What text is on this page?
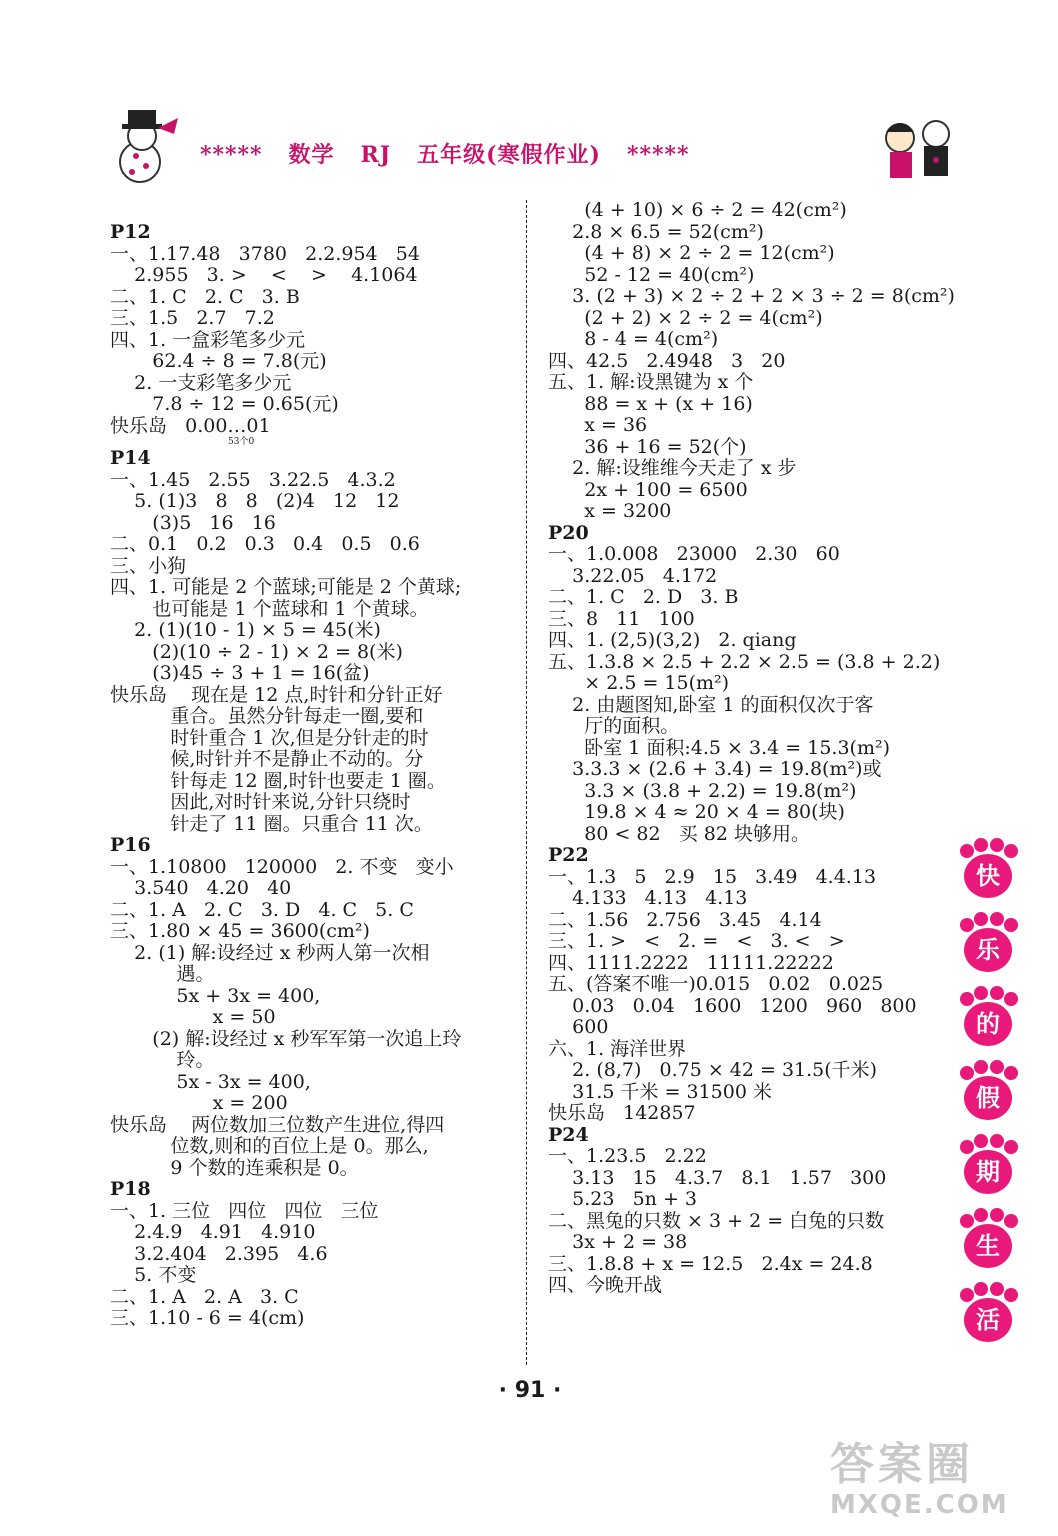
*****   数学   RJ   五年级(寒假作业)   *****
P12
一、1.17.48   3780   2.2.954   54
2.955   3. >    <    >    4.1064
二、1. C   2. C   3. B
三、1.5   2.7   7.2
四、1. 一盒彩笔多少元
62.4 ÷ 8 = 7.8(元)
2. 一支彩笔多少元
7.8 ÷ 12 = 0.65(元)
快乐岛   0.00…01
53个0
P14
一、1.45   2.55   3.22.5   4.3.2
5. (1)3   8   8   (2)4   12   12
(3)5   16   16
二、0.1   0.2   0.3   0.4   0.5   0.6
三、小狗
四、1. 可能是 2 个蓝球;可能是 2 个黄球;
也可能是 1 个蓝球和 1 个黄球。
2. (1)(10 - 1) × 5 = 45(米)
(2)(10 ÷ 2 - 1) × 2 = 8(米)
(3)45 ÷ 3 + 1 = 16(盆)
快乐岛    现在是 12 点,时针和分针正好
重合。虽然分针每走一圈,要和
时针重合 1 次,但是分针走的时
候,时针并不是静止不动的。分
针每走 12 圈,时针也要走 1 圈。
因此,对时针来说,分针只绕时
针走了 11 圈。只重合 11 次。
P16
一、1.10800   120000   2. 不变   变小
3.540   4.20   40
二、1. A   2. C   3. D   4. C   5. C
三、1.80 × 45 = 3600(cm²)
2. (1) 解:设经过 x 秒两人第一次相
遇。
5x + 3x = 400,
x = 50
(2) 解:设经过 x 秒军军第一次追上玲
玲。
5x - 3x = 400,
x = 200
快乐岛    两位数加三位数产生进位,得四
位数,则和的百位上是 0。那么,
9 个数的连乘积是 0。
P18
一、1. 三位   四位   四位   三位
2.4.9   4.91   4.910
3.2.404   2.395   4.6
5. 不变
二、1. A   2. A   3. C
三、1.10 - 6 = 4(cm)
(4 + 10) × 6 ÷ 2 = 42(cm²)
2.8 × 6.5 = 52(cm²)
(4 + 8) × 2 ÷ 2 = 12(cm²)
52 - 12 = 40(cm²)
3. (2 + 3) × 2 ÷ 2 + 2 × 3 ÷ 2 = 8(cm²)
(2 + 2) × 2 ÷ 2 = 4(cm²)
8 - 4 = 4(cm²)
四、42.5   2.4948   3   20
五、1. 解:设黑键为 x 个
88 = x + (x + 16)
x = 36
36 + 16 = 52(个)
2. 解:设维维今天走了 x 步
2x + 100 = 6500
x = 3200
P20
一、1.0.008   23000   2.30   60
3.22.05   4.172
二、1. C   2. D   3. B
三、8   11   100
四、1. (2,5)(3,2)   2. qiang
五、1.3.8 × 2.5 + 2.2 × 2.5 = (3.8 + 2.2)
× 2.5 = 15(m²)
2. 由题图知,卧室 1 的面积仅次于客
厅的面积。
卧室 1 面积:4.5 × 3.4 = 15.3(m²)
3.3.3 × (2.6 + 3.4) = 19.8(m²)或
3.3 × (3.8 + 2.2) = 19.8(m²)
19.8 × 4 ≈ 20 × 4 = 80(块)
80 < 82   买 82 块够用。
P22
一、1.3   5   2.9   15   3.49   4.4.13
4.133   4.13   4.13
二、1.56   2.756   3.45   4.14
三、1. >   <   2. =   <   3. <   >
四、1111.2222   11111.22222
五、(答案不唯一)0.015   0.02   0.025
0.03   0.04   1600   1200   960   800
600
六、1. 海洋世界
2. (8,7)   0.75 × 42 = 31.5(千米)
31.5 千米 = 31500 米
快乐岛   142857
P24
一、1.23.5   2.22
3.13   15   4.3.7   8.1   1.57   300
5.23   5n + 3
二、黑兔的只数 × 3 + 2 = 白兔的只数
3x + 2 = 38
三、1.8.8 + x = 12.5   2.4x = 24.8
四、今晚开战
快
乐
的
假
期
生
活
· 91 ·
答案圈
MXQE.COM
